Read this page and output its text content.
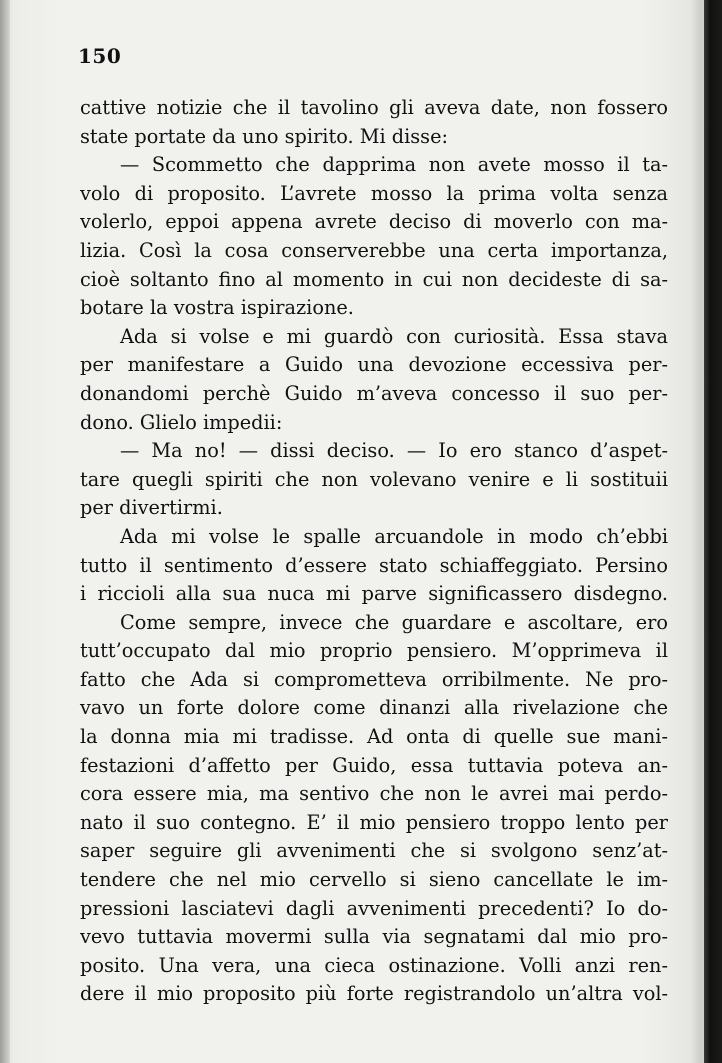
150
cattive notizie che il tavolino gli aveva date, non fossero
state portate da uno spirito. Mi disse:
— Scommetto che dapprima non avete mosso il ta-
volo di proposito. L’avrete mosso la prima volta senza
volerlo, eppoi appena avrete deciso di moverlo con ma-
lizia. Così la cosa conserverebbe una certa importanza,
cioè soltanto fino al momento in cui non decideste di sa-
botare la vostra ispirazione.
Ada si volse e mi guardò con curiosità. Essa stava
per manifestare a Guido una devozione eccessiva per-
donandomi perchè Guido m’aveva concesso il suo per-
dono. Glielo impedii:
— Ma no! — dissi deciso. — Io ero stanco d’aspet-
tare quegli spiriti che non volevano venire e li sostituii
per divertirmi.
Ada mi volse le spalle arcuandole in modo ch’ebbi
tutto il sentimento d’essere stato schiaffeggiato. Persino
i riccioli alla sua nuca mi parve significassero disdegno.
Come sempre, invece che guardare e ascoltare, ero
tutt’occupato dal mio proprio pensiero. M’opprimeva il
fatto che Ada si compromettevа orribilmente. Ne pro-
vavo un forte dolore come dinanzi alla rivelazione che
la donna mia mi tradisse. Ad onta di quelle sue mani-
festazioni d’affetto per Guido, essa tuttavia poteva an-
cora essere mia, ma sentivo che non le avrei mai perdo-
nato il suo contegno. E’ il mio pensiero troppo lento per
saper seguire gli avvenimenti che si svolgono senz’at-
tendere che nel mio cervello si sieno cancellate le im-
pressioni lasciatevi dagli avvenimenti precedenti? Io do-
vevo tuttavia movermi sulla via segnatami dal mio pro-
posito. Una vera, una cieca ostinazione. Volli anzi ren-
dere il mio proposito più forte registrandolo un’altra vol-
